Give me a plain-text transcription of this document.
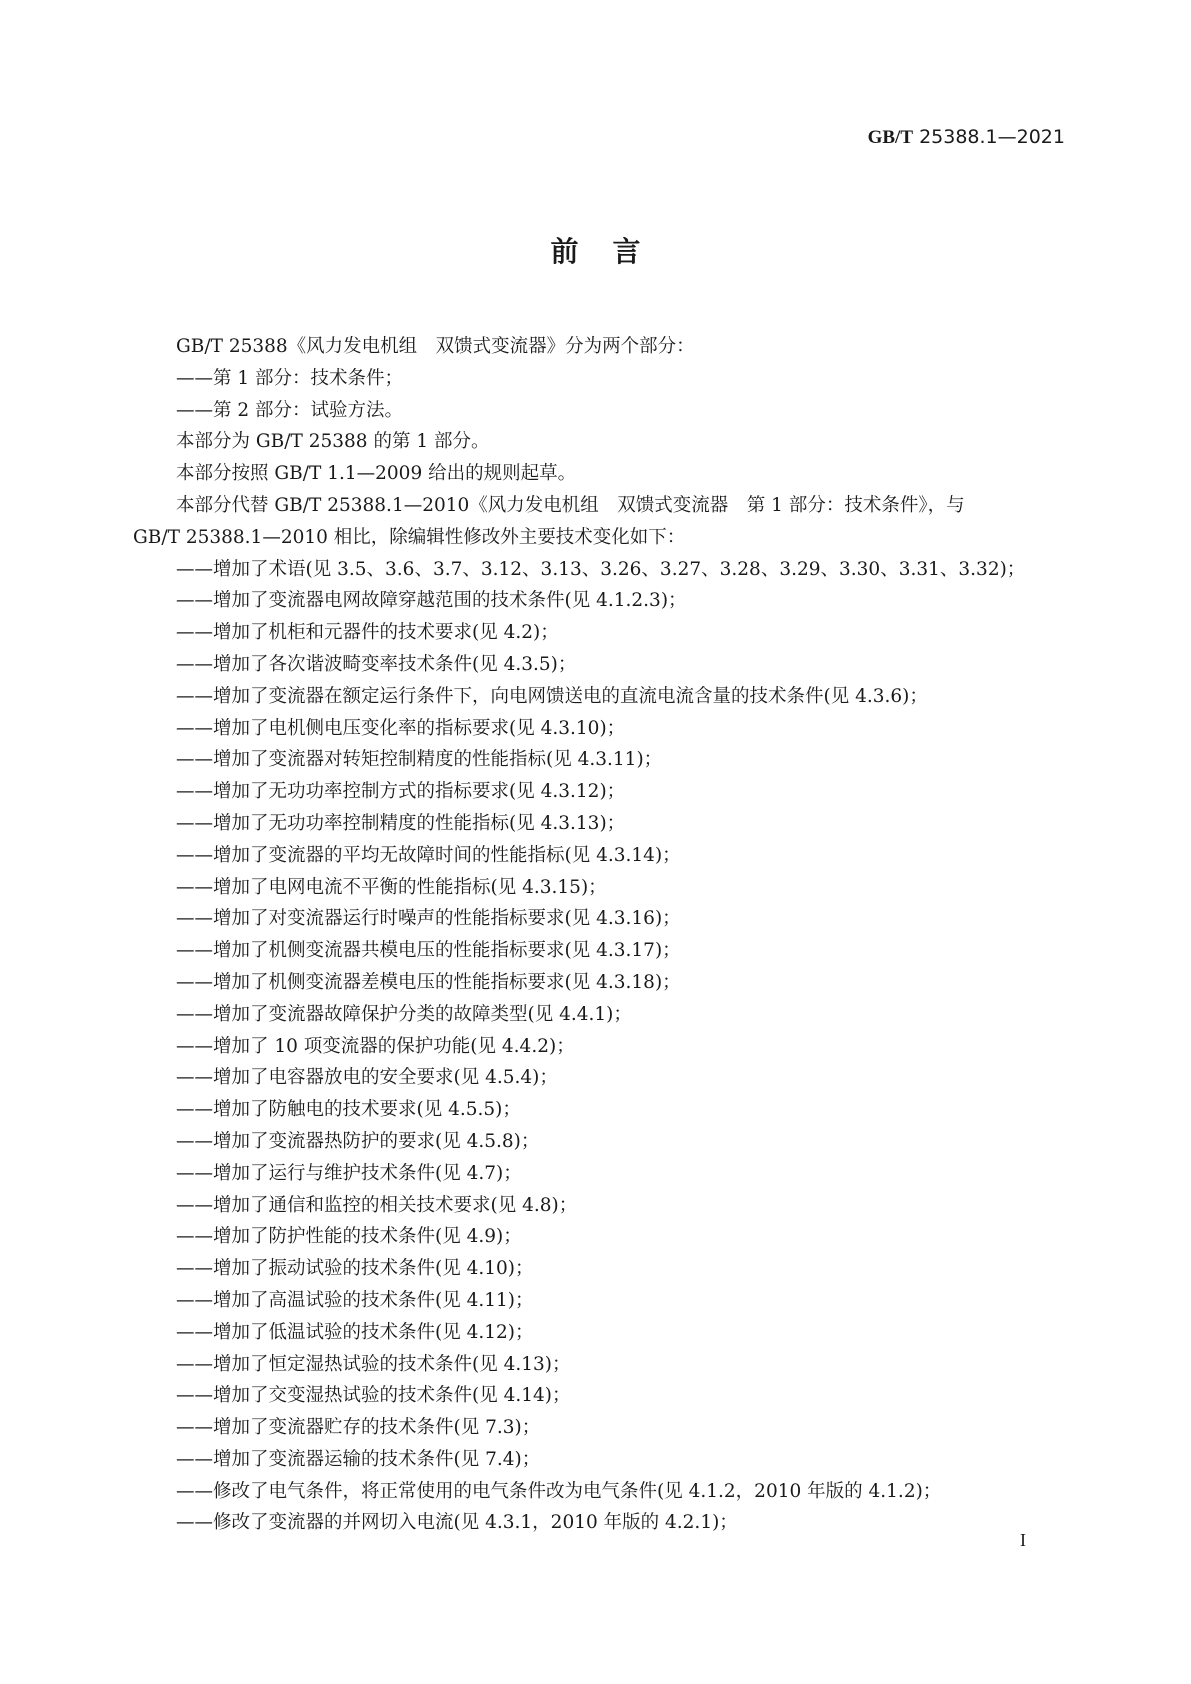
GB/T 25388.1—2021
前言
GB/T 25388《风力发电机组　双馈式变流器》分为两个部分：
——第 1 部分：技术条件；
——第 2 部分：试验方法。
本部分为 GB/T 25388 的第 1 部分。
本部分按照 GB/T 1.1—2009 给出的规则起草。
本部分代替 GB/T 25388.1—2010《风力发电机组　双馈式变流器　第 1 部分：技术条件》，与
GB/T 25388.1—2010 相比，除编辑性修改外主要技术变化如下：
——增加了术语(见 3.5、3.6、3.7、3.12、3.13、3.26、3.27、3.28、3.29、3.30、3.31、3.32)；
——增加了变流器电网故障穿越范围的技术条件(见 4.1.2.3)；
——增加了机柜和元器件的技术要求(见 4.2)；
——增加了各次谐波畸变率技术条件(见 4.3.5)；
——增加了变流器在额定运行条件下，向电网馈送电的直流电流含量的技术条件(见 4.3.6)；
——增加了电机侧电压变化率的指标要求(见 4.3.10)；
——增加了变流器对转矩控制精度的性能指标(见 4.3.11)；
——增加了无功功率控制方式的指标要求(见 4.3.12)；
——增加了无功功率控制精度的性能指标(见 4.3.13)；
——增加了变流器的平均无故障时间的性能指标(见 4.3.14)；
——增加了电网电流不平衡的性能指标(见 4.3.15)；
——增加了对变流器运行时噪声的性能指标要求(见 4.3.16)；
——增加了机侧变流器共模电压的性能指标要求(见 4.3.17)；
——增加了机侧变流器差模电压的性能指标要求(见 4.3.18)；
——增加了变流器故障保护分类的故障类型(见 4.4.1)；
——增加了 10 项变流器的保护功能(见 4.4.2)；
——增加了电容器放电的安全要求(见 4.5.4)；
——增加了防触电的技术要求(见 4.5.5)；
——增加了变流器热防护的要求(见 4.5.8)；
——增加了运行与维护技术条件(见 4.7)；
——增加了通信和监控的相关技术要求(见 4.8)；
——增加了防护性能的技术条件(见 4.9)；
——增加了振动试验的技术条件(见 4.10)；
——增加了高温试验的技术条件(见 4.11)；
——增加了低温试验的技术条件(见 4.12)；
——增加了恒定湿热试验的技术条件(见 4.13)；
——增加了交变湿热试验的技术条件(见 4.14)；
——增加了变流器贮存的技术条件(见 7.3)；
——增加了变流器运输的技术条件(见 7.4)；
——修改了电气条件，将正常使用的电气条件改为电气条件(见 4.1.2，2010 年版的 4.1.2)；
——修改了变流器的并网切入电流(见 4.3.1，2010 年版的 4.2.1)；
I
